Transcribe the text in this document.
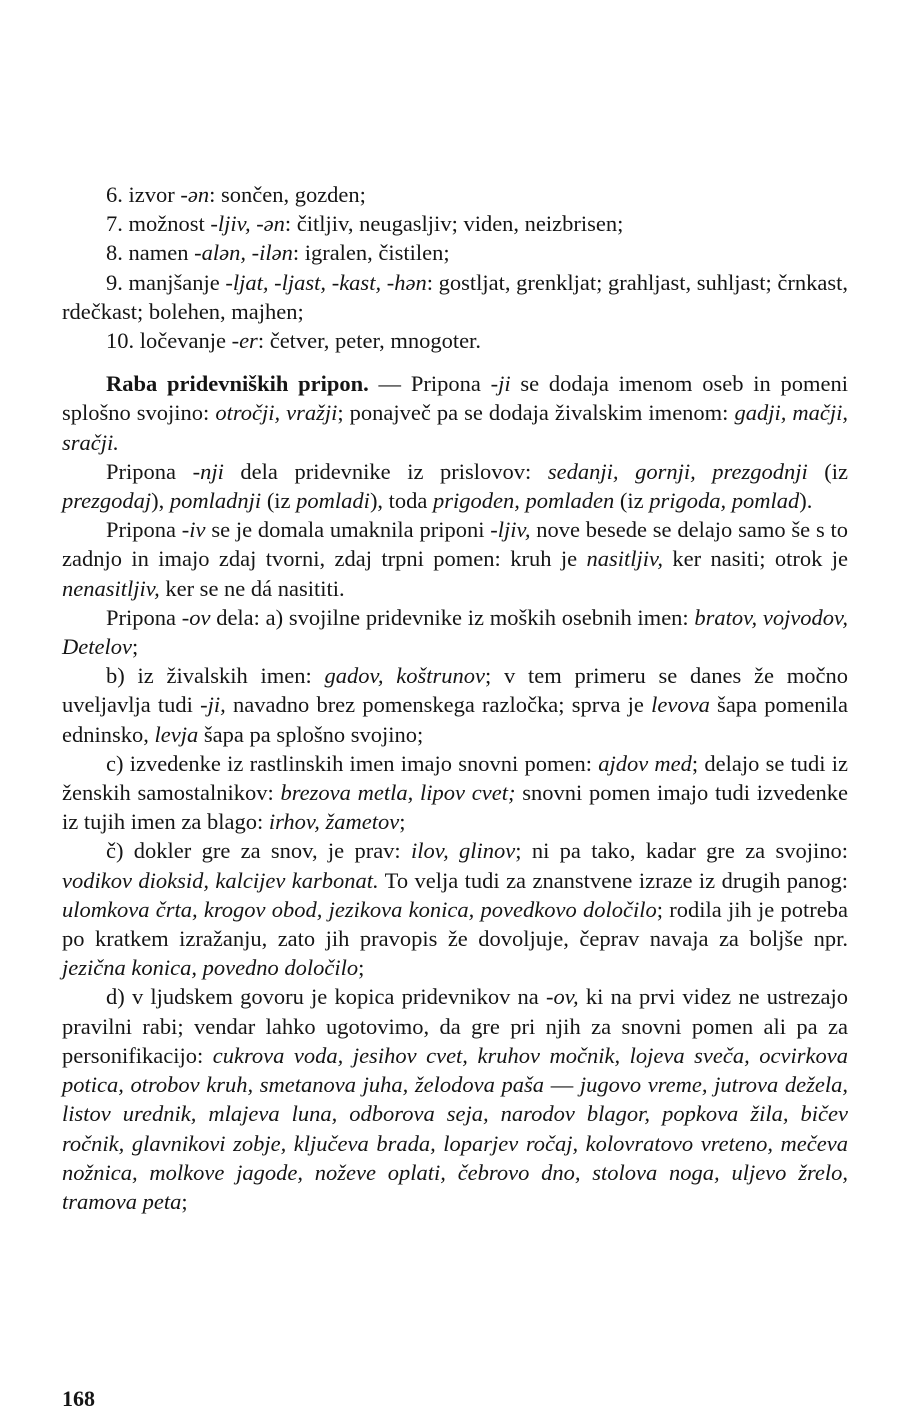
6. izvor -ən: sončen, gozden;

7. možnost -ljiv, -ən: čitljiv, neugasljiv; viden, neizbrisen;

8. namen -alən, -ilən: igralen, čistilen;

9. manjšanje -ljat, -ljast, -kast, -hən: gostljat, grenkljat; grahljast, suhljast; črnkast, rdečkast; bolehen, majhen;

10. ločevanje -er: četver, peter, mnogoter.

Raba pridevniških pripon. — Pripona -ji se dodaja imenom oseb in pomeni splošno svojino: otročji, vražji; ponajveč pa se dodaja živalskim imenom: gadji, mačji, sračji.

Pripona -nji dela pridevnike iz prislovov: sedanji, gornji, prezgodnji (iz prezgodaj), pomladnji (iz pomladi), toda prigoden, pomladen (iz prigoda, pomlad).

Pripona -iv se je domala umaknila priponi -ljiv, nove besede se delajo samo še s to zadnjo in imajo zdaj tvorni, zdaj trpni pomen: kruh je nasitljiv, ker nasiti; otrok je nenasitljiv, ker se ne dá nasititi.

Pripona -ov dela: a) svojilne pridevnike iz moških osebnih imen: bratov, vojvodov, Detelov;

b) iz živalskih imen: gadov, koštrunov; v tem primeru se danes že močno uveljavlja tudi -ji, navadno brez pomenskega razločka; sprva je levova šapa pomenila edninsko, levja šapa pa splošno svojino;

c) izvedenke iz rastlinskih imen imajo snovni pomen: ajdov med; delajo se tudi iz ženskih samostalnikov: brezova metla, lipov cvet; snovni pomen imajo tudi izvedenke iz tujih imen za blago: irhov, žametov;

č) dokler gre za snov, je prav: ilov, glinov; ni pa tako, kadar gre za svojino: vodikov dioksid, kalcijev karbonat. To velja tudi za znanstvene izraze iz drugih panog: ulomkova črta, krogov obod, jezikova konica, povedkovo določilo; rodila jih je potreba po kratkem izražanju, zato jih pravopis že dovoljuje, čeprav navaja za boljše npr. jezična konica, povedno določilo;

d) v ljudskem govoru je kopica pridevnikov na -ov, ki na prvi videz ne ustrezajo pravilni rabi; vendar lahko ugotovimo, da gre pri njih za snovni pomen ali pa za personifikacijo: cukrova voda, jesihov cvet, kruhov močnik, lojeva sveča, ocvirkova potica, otrobov kruh, smetanova juha, želodova paša — jugovo vreme, jutrova dežela, listov urednik, mlajeva luna, odborova seja, narodov blagor, popkova žila, bičev ročnik, glavnikovi zobje, ključeva brada, loparjev ročaj, kolovratovo vreteno, mečeva nožnica, molkove jagode, noževe oplati, čebrovo dno, stolova noga, uljevo žrelo, tramova peta;

168
